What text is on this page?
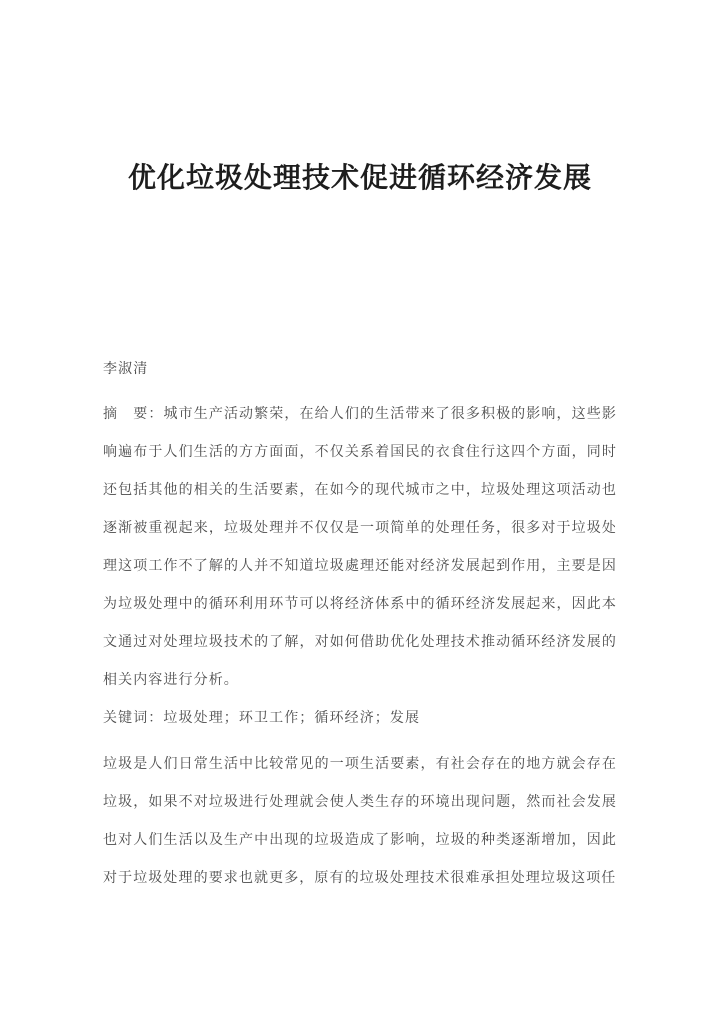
优化垃圾处理技术促进循环经济发展

李淑清

摘　要：城市生产活动繁荣，在给人们的生活带来了很多积极的影响，这些影响遍布于人们生活的方方面面，不仅关系着国民的衣食住行这四个方面，同时还包括其他的相关的生活要素，在如今的现代城市之中，垃圾处理这项活动也逐渐被重视起来，垃圾处理并不仅仅是一项简单的处理任务，很多对于垃圾处理这项工作不了解的人并不知道垃圾處理还能对经济发展起到作用，主要是因为垃圾处理中的循环利用环节可以将经济体系中的循环经济发展起来，因此本文通过对处理垃圾技术的了解，对如何借助优化处理技术推动循环经济发展的相关内容进行分析。

关键词：垃圾处理；环卫工作；循环经济；发展

垃圾是人们日常生活中比较常见的一项生活要素，有社会存在的地方就会存在垃圾，如果不对垃圾进行处理就会使人类生存的环境出现问题，然而社会发展也对人们生活以及生产中出现的垃圾造成了影响，垃圾的种类逐渐增加，因此对于垃圾处理的要求也就更多，原有的垃圾处理技术很难承担处理垃圾这项任
